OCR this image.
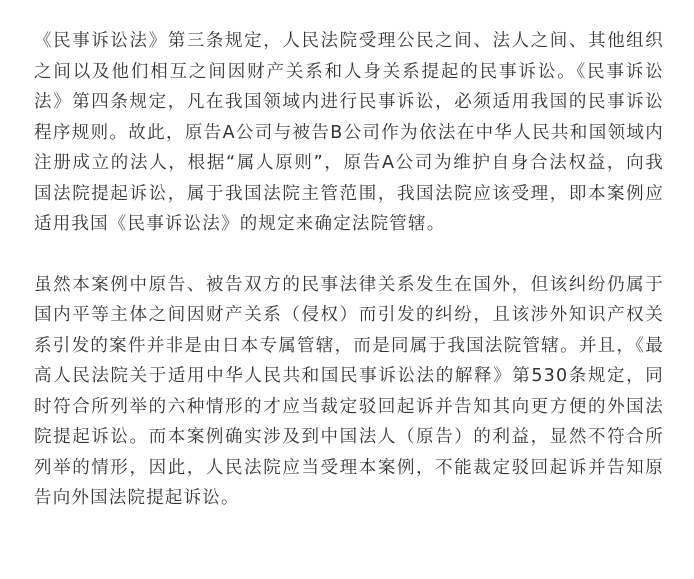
《民事诉讼法》第三条规定，人民法院受理公民之间、法人之间、其他组织之间以及他们相互之间因财产关系和人身关系提起的民事诉讼。《民事诉讼法》第四条规定，凡在我国领域内进行民事诉讼，必须适用我国的民事诉讼程序规则。故此，原告A公司与被告B公司作为依法在中华人民共和国领域内注册成立的法人，根据“属人原则”，原告A公司为维护自身合法权益，向我国法院提起诉讼，属于我国法院主管范围，我国法院应该受理，即本案例应适用我国《民事诉讼法》的规定来确定法院管辖。

虽然本案例中原告、被告双方的民事法律关系发生在国外，但该纠纷仍属于国内平等主体之间因财产关系（侵权）而引发的纠纷，且该涉外知识产权关系引发的案件并非是由日本专属管辖，而是同属于我国法院管辖。并且，《最高人民法院关于适用中华人民共和国民事诉讼法的解释》第530条规定，同时符合所列举的六种情形的才应当裁定驳回起诉并告知其向更方便的外国法院提起诉讼。而本案例确实涉及到中国法人（原告）的利益，显然不符合所列举的情形，因此，人民法院应当受理本案例，不能裁定驳回起诉并告知原告向外国法院提起诉讼。
